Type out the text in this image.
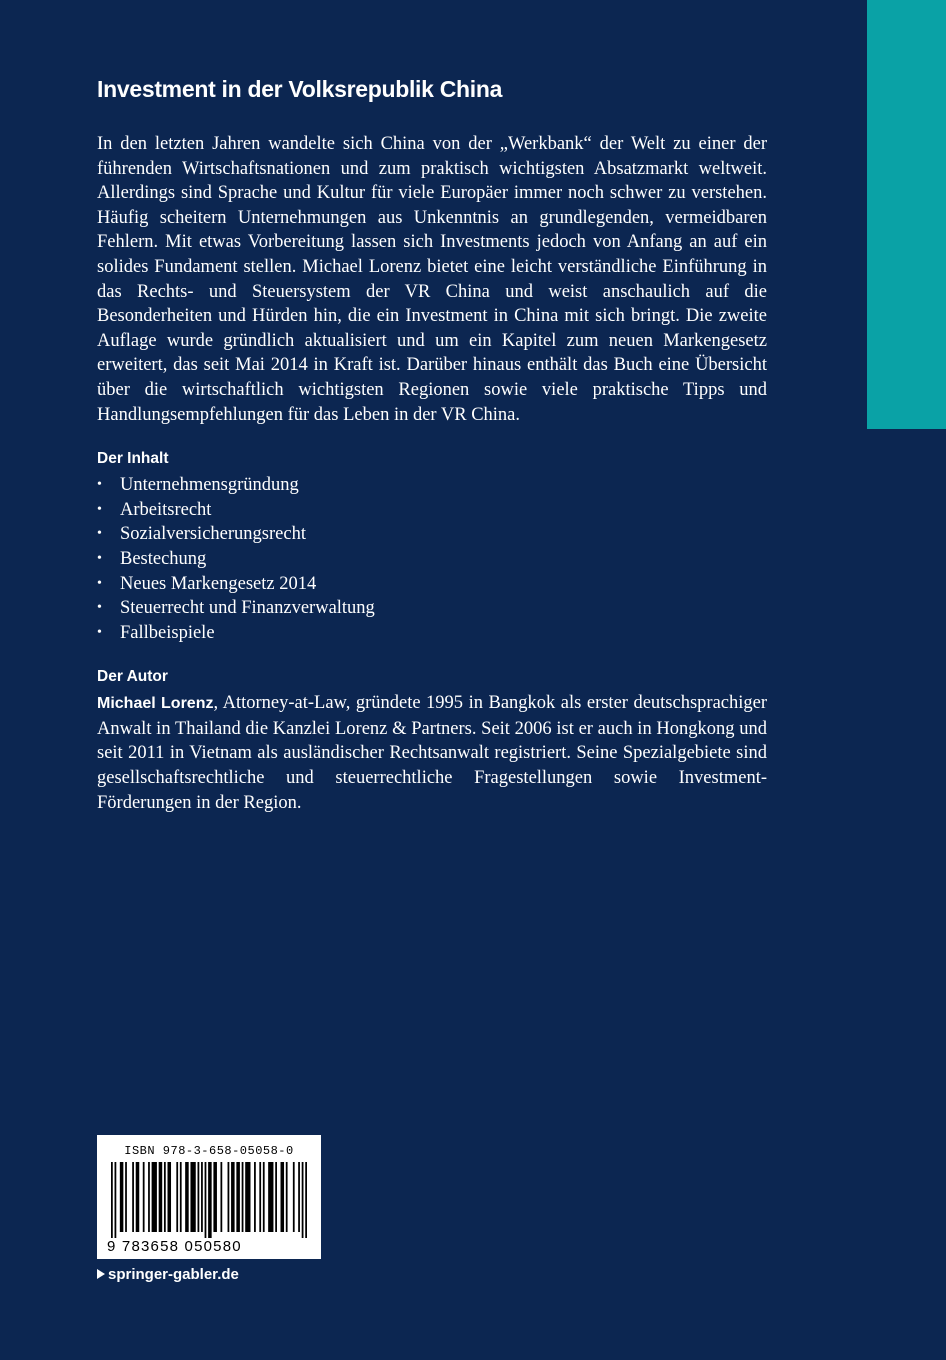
Investment in der Volksrepublik China

In den letzten Jahren wandelte sich China von der „Werkbank“ der Welt zu einer der führenden Wirtschaftsnationen und zum praktisch wichtigsten Absatzmarkt weltweit. Allerdings sind Sprache und Kultur für viele Europäer immer noch schwer zu verstehen. Häufig scheitern Unternehmungen aus Unkenntnis an grundlegenden, vermeidbaren Fehlern. Mit etwas Vorbereitung lassen sich Investments jedoch von Anfang an auf ein solides Fundament stellen. Michael Lorenz bietet eine leicht verständliche Einführung in das Rechts- und Steuersystem der VR China und weist anschaulich auf die Besonderheiten und Hürden hin, die ein Investment in China mit sich bringt. Die zweite Auflage wurde gründlich aktualisiert und um ein Kapitel zum neuen Markengesetz erweitert, das seit Mai 2014 in Kraft ist. Darüber hinaus enthält das Buch eine Übersicht über die wirtschaftlich wichtigsten Regionen sowie viele praktische Tipps und Handlungsempfehlungen für das Leben in der VR China.

Der Inhalt
• Unternehmensgründung
• Arbeitsrecht
• Sozialversicherungsrecht
• Bestechung
• Neues Markengesetz 2014
• Steuerrecht und Finanzverwaltung
• Fallbeispiele
Der Autor

Michael Lorenz, Attorney-at-Law, gründete 1995 in Bangkok als erster deutschsprachiger Anwalt in Thailand die Kanzlei Lorenz & Partners. Seit 2006 ist er auch in Hongkong und seit 2011 in Vietnam als ausländischer Rechtsanwalt registriert. Seine Spezialgebiete sind gesellschaftsrechtliche und steuerrechtliche Fragestellungen sowie Investment-Förderungen in der Region.

ISBN 978-3-658-05058-0
9 783658 050580
springer-gabler.de
